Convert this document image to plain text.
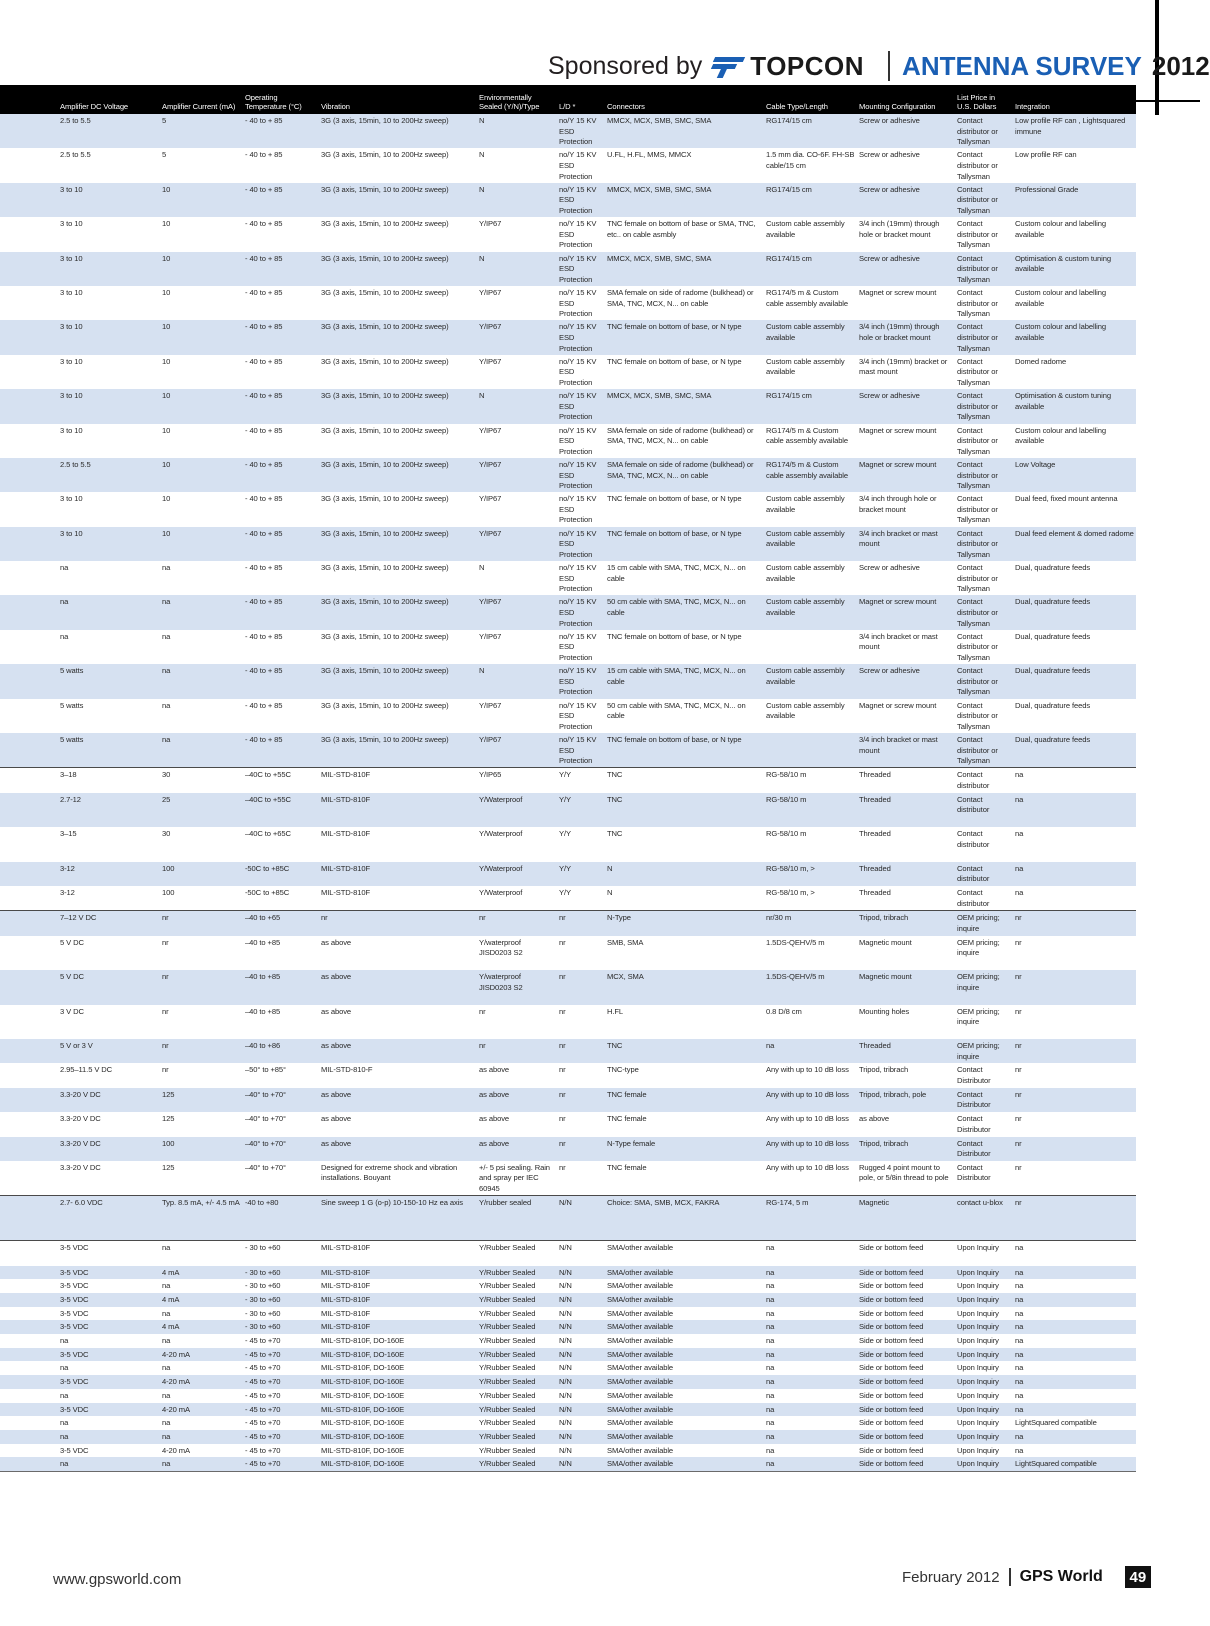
Sponsored by TOPCON ANTENNA SURVEY 2012
Amplifier DC Voltage	Amplifier Current (mA)	Operating Temperature (°C)	Vibration	Environmentally Sealed (Y/N)/Type	L/D *	Connectors	Cable Type/Length	Mounting Configuration	List Price in U.S. Dollars	Integration
2.5 to 5.5	5	- 40 to + 85	3G (3 axis, 15min, 10 to 200Hz sweep)	N	no/Y 15 KV ESD Protection	MMCX, MCX, SMB, SMC, SMA	RG174/15 cm	Screw or adhesive	Contact distributor or Tallysman	Low profile RF can , Lightsquared immune
2.5 to 5.5	5	- 40 to + 85	3G (3 axis, 15min, 10 to 200Hz sweep)	N	no/Y 15 KV ESD Protection	U.FL, H.FL, MMS, MMCX	1.5 mm dia. CO-6F. FH-SB cable/15 cm	Screw or adhesive	Contact distributor or Tallysman	Low profile RF can
3 to 10	10	- 40 to + 85	3G (3 axis, 15min, 10 to 200Hz sweep)	N	no/Y 15 KV ESD Protection	MMCX, MCX, SMB, SMC, SMA	RG174/15 cm	Screw or adhesive	Contact distributor or Tallysman	Professional Grade
3 to 10	10	- 40 to + 85	3G (3 axis, 15min, 10 to 200Hz sweep)	Y/IP67	no/Y 15 KV ESD Protection	TNC female on bottom of base or SMA, TNC, etc.. on cable asmbly	Custom cable assembly available	3/4 inch (19mm) through hole or bracket mount	Contact distributor or Tallysman	Custom colour and labelling available
3 to 10	10	- 40 to + 85	3G (3 axis, 15min, 10 to 200Hz sweep)	N	no/Y 15 KV ESD Protection	MMCX, MCX, SMB, SMC, SMA	RG174/15 cm	Screw or adhesive	Contact distributor or Tallysman	Optimisation & custom tuning available
3 to 10	10	- 40 to + 85	3G (3 axis, 15min, 10 to 200Hz sweep)	Y/IP67	no/Y 15 KV ESD Protection	SMA female on side of radome (bulkhead) or SMA, TNC, MCX, N... on cable	RG174/5 m & Custom cable assembly available	Magnet or screw mount	Contact distributor or Tallysman	Custom colour and labelling available
3 to 10	10	- 40 to + 85	3G (3 axis, 15min, 10 to 200Hz sweep)	Y/IP67	no/Y 15 KV ESD Protection	TNC female on bottom of base, or N type	Custom cable assembly available	3/4 inch (19mm) through hole or bracket mount	Contact distributor or Tallysman	Custom colour and labelling available
3 to 10	10	- 40 to + 85	3G (3 axis, 15min, 10 to 200Hz sweep)	Y/IP67	no/Y 15 KV ESD Protection	TNC female on bottom of base, or N type	Custom cable assembly available	3/4 inch (19mm) bracket or mast mount	Contact distributor or Tallysman	Domed radome
3 to 10	10	- 40 to + 85	3G (3 axis, 15min, 10 to 200Hz sweep)	N	no/Y 15 KV ESD Protection	MMCX, MCX, SMB, SMC, SMA	RG174/15 cm	Screw or adhesive	Contact distributor or Tallysman	Optimisation & custom tuning available
3 to 10	10	- 40 to + 85	3G (3 axis, 15min, 10 to 200Hz sweep)	Y/IP67	no/Y 15 KV ESD Protection	SMA female on side of radome (bulkhead) or SMA, TNC, MCX, N... on cable	RG174/5 m & Custom cable assembly available	Magnet or screw mount	Contact distributor or Tallysman	Custom colour and labelling available
2.5 to 5.5	10	- 40 to + 85	3G (3 axis, 15min, 10 to 200Hz sweep)	Y/IP67	no/Y 15 KV ESD Protection	SMA female on side of radome (bulkhead) or SMA, TNC, MCX, N... on cable	RG174/5 m & Custom cable assembly available	Magnet or screw mount	Contact distributor or Tallysman	Low Voltage
3 to 10	10	- 40 to + 85	3G (3 axis, 15min, 10 to 200Hz sweep)	Y/IP67	no/Y 15 KV ESD Protection	TNC female on bottom of base, or N type	Custom cable assembly available	3/4 inch through hole or bracket mount	Contact distributor or Tallysman	Dual feed, fixed mount antenna
3 to 10	10	- 40 to + 85	3G (3 axis, 15min, 10 to 200Hz sweep)	Y/IP67	no/Y 15 KV ESD Protection	TNC female on bottom of base, or N type	Custom cable assembly available	3/4 inch bracket or mast mount	Contact distributor or Tallysman	Dual feed element & domed radome
na	na	- 40 to + 85	3G (3 axis, 15min, 10 to 200Hz sweep)	N	no/Y 15 KV ESD Protection	15 cm cable with SMA, TNC, MCX, N... on cable	Custom cable assembly available	Screw or adhesive	Contact distributor or Tallysman	Dual, quadrature feeds
na	na	- 40 to + 85	3G (3 axis, 15min, 10 to 200Hz sweep)	Y/IP67	no/Y 15 KV ESD Protection	50 cm cable with SMA, TNC, MCX, N... on cable	Custom cable assembly available	Magnet or screw mount	Contact distributor or Tallysman	Dual, quadrature feeds
na	na	- 40 to + 85	3G (3 axis, 15min, 10 to 200Hz sweep)	Y/IP67	no/Y 15 KV ESD Protection	TNC female on bottom of base, or N type		3/4 inch bracket or mast mount	Contact distributor or Tallysman	Dual, quadrature feeds
5 watts	na	- 40 to + 85	3G (3 axis, 15min, 10 to 200Hz sweep)	N	no/Y 15 KV ESD Protection	15 cm cable with SMA, TNC, MCX, N... on cable	Custom cable assembly available	Screw or adhesive	Contact distributor or Tallysman	Dual, quadrature feeds
5 watts	na	- 40 to + 85	3G (3 axis, 15min, 10 to 200Hz sweep)	Y/IP67	no/Y 15 KV ESD Protection	50 cm cable with SMA, TNC, MCX, N... on cable	Custom cable assembly available	Magnet or screw mount	Contact distributor or Tallysman	Dual, quadrature feeds
5 watts	na	- 40 to + 85	3G (3 axis, 15min, 10 to 200Hz sweep)	Y/IP67	no/Y 15 KV ESD Protection	TNC female on bottom of base, or N type		3/4 inch bracket or mast mount	Contact distributor or Tallysman	Dual, quadrature feeds
3–18	30	–40C to +55C	MIL-STD-810F	Y/IP65	Y/Y	TNC	RG-58/10 m	Threaded	Contact distributor	na
2.7-12	25	–40C to +55C	MIL-STD-810F	Y/Waterproof	Y/Y	TNC	RG-58/10 m	Threaded	Contact distributor	na
3–15	30	–40C to +65C	MIL-STD-810F	Y/Waterproof	Y/Y	TNC	RG-58/10 m	Threaded	Contact distributor	na
3-12	100	-50C to +85C	MIL-STD-810F	Y/Waterproof	Y/Y	N	RG-58/10 m, >	Threaded	Contact distributor	na
3-12	100	-50C to +85C	MIL-STD-810F	Y/Waterproof	Y/Y	N	RG-58/10 m, >	Threaded	Contact distributor	na
7–12 V DC	nr	–40 to +65	nr	nr	nr	N-Type	nr/30 m	Tripod, tribrach	OEM pricing; inquire	nr
5 V DC	nr	–40 to +85	as above	Y/waterproof JISD0203 S2	nr	SMB, SMA	1.5DS-QEHV/5 m	Magnetic mount	OEM pricing; inquire	nr
5 V DC	nr	–40 to +85	as above	Y/waterproof JISD0203 S2	nr	MCX, SMA	1.5DS-QEHV/5 m	Magnetic mount	OEM pricing; inquire	nr
3 V DC	nr	–40 to +85	as above	nr	nr	H.FL	0.8 D/8 cm	Mounting holes	OEM pricing; inquire	nr
5 V or 3 V	nr	–40 to +86	as above	nr	nr	TNC	na	Threaded	OEM pricing; inquire	nr
2.95–11.5 V DC	nr	–50° to +85°	MIL-STD-810-F	as above	nr	TNC-type	Any with up to 10 dB loss	Tripod, tribrach	Contact Distributor	nr
3.3-20 V DC	125	–40° to +70°	as above	as above	nr	TNC female	Any with up to 10 dB loss	Tripod, tribrach, pole	Contact Distributor	nr
3.3-20 V DC	125	–40° to +70°	as above	as above	nr	TNC female	Any with up to 10 dB loss	as above	Contact Distributor	nr
3.3-20 V DC	100	–40° to +70°	as above	as above	nr	N-Type female	Any with up to 10 dB loss	Tripod, tribrach	Contact Distributor	nr
3.3-20 V DC	125	–40° to +70°	Designed for extreme shock and vibration installations. Bouyant	+/- 5 psi sealing. Rain and spray per IEC 60945	nr	TNC female	Any with up to 10 dB loss	Rugged 4 point mount to pole, or 5/8in thread to pole	Contact Distributor	nr
2.7- 6.0 VDC	Typ. 8.5 mA, +/- 4.5 mA	-40 to +80	Sine sweep 1 G (o-p) 10-150-10 Hz ea axis	Y/rubber sealed	N/N	Choice: SMA, SMB, MCX, FAKRA	RG-174, 5 m	Magnetic	contact u-blox	nr
3-5 VDC	na	- 30 to +60	MIL-STD-810F	Y/Rubber Sealed	N/N	SMA/other available	na	Side or bottom feed	Upon Inquiry	na
3-5 VDC	4 mA	- 30 to +60	MIL-STD-810F	Y/Rubber Sealed	N/N	SMA/other available	na	Side or bottom feed	Upon Inquiry	na
3-5 VDC	na	- 30 to +60	MIL-STD-810F	Y/Rubber Sealed	N/N	SMA/other available	na	Side or bottom feed	Upon Inquiry	na
3-5 VDC	4 mA	- 30 to +60	MIL-STD-810F	Y/Rubber Sealed	N/N	SMA/other available	na	Side or bottom feed	Upon Inquiry	na
3-5 VDC	na	- 30 to +60	MIL-STD-810F	Y/Rubber Sealed	N/N	SMA/other available	na	Side or bottom feed	Upon Inquiry	na
3-5 VDC	4 mA	- 30 to +60	MIL-STD-810F	Y/Rubber Sealed	N/N	SMA/other available	na	Side or bottom feed	Upon Inquiry	na
na	na	- 45 to +70	MIL-STD-810F, DO-160E	Y/Rubber Sealed	N/N	SMA/other available	na	Side or bottom feed	Upon Inquiry	na
3-5 VDC	4-20 mA	- 45 to +70	MIL-STD-810F, DO-160E	Y/Rubber Sealed	N/N	SMA/other available	na	Side or bottom feed	Upon Inquiry	na
na	na	- 45 to +70	MIL-STD-810F, DO-160E	Y/Rubber Sealed	N/N	SMA/other available	na	Side or bottom feed	Upon Inquiry	na
3-5 VDC	4-20 mA	- 45 to +70	MIL-STD-810F, DO-160E	Y/Rubber Sealed	N/N	SMA/other available	na	Side or bottom feed	Upon Inquiry	na
na	na	- 45 to +70	MIL-STD-810F, DO-160E	Y/Rubber Sealed	N/N	SMA/other available	na	Side or bottom feed	Upon Inquiry	na
3-5 VDC	4-20 mA	- 45 to +70	MIL-STD-810F, DO-160E	Y/Rubber Sealed	N/N	SMA/other available	na	Side or bottom feed	Upon Inquiry	na
na	na	- 45 to +70	MIL-STD-810F, DO-160E	Y/Rubber Sealed	N/N	SMA/other available	na	Side or bottom feed	Upon Inquiry	LightSquared compatible
na	na	- 45 to +70	MIL-STD-810F, DO-160E	Y/Rubber Sealed	N/N	SMA/other available	na	Side or bottom feed	Upon Inquiry	na
3-5 VDC	4-20 mA	- 45 to +70	MIL-STD-810F, DO-160E	Y/Rubber Sealed	N/N	SMA/other available	na	Side or bottom feed	Upon Inquiry	na
na	na	- 45 to +70	MIL-STD-810F, DO-160E	Y/Rubber Sealed	N/N	SMA/other available	na	Side or bottom feed	Upon Inquiry	LightSquared compatible
www.gpsworld.com	February 2012 GPS World	49
